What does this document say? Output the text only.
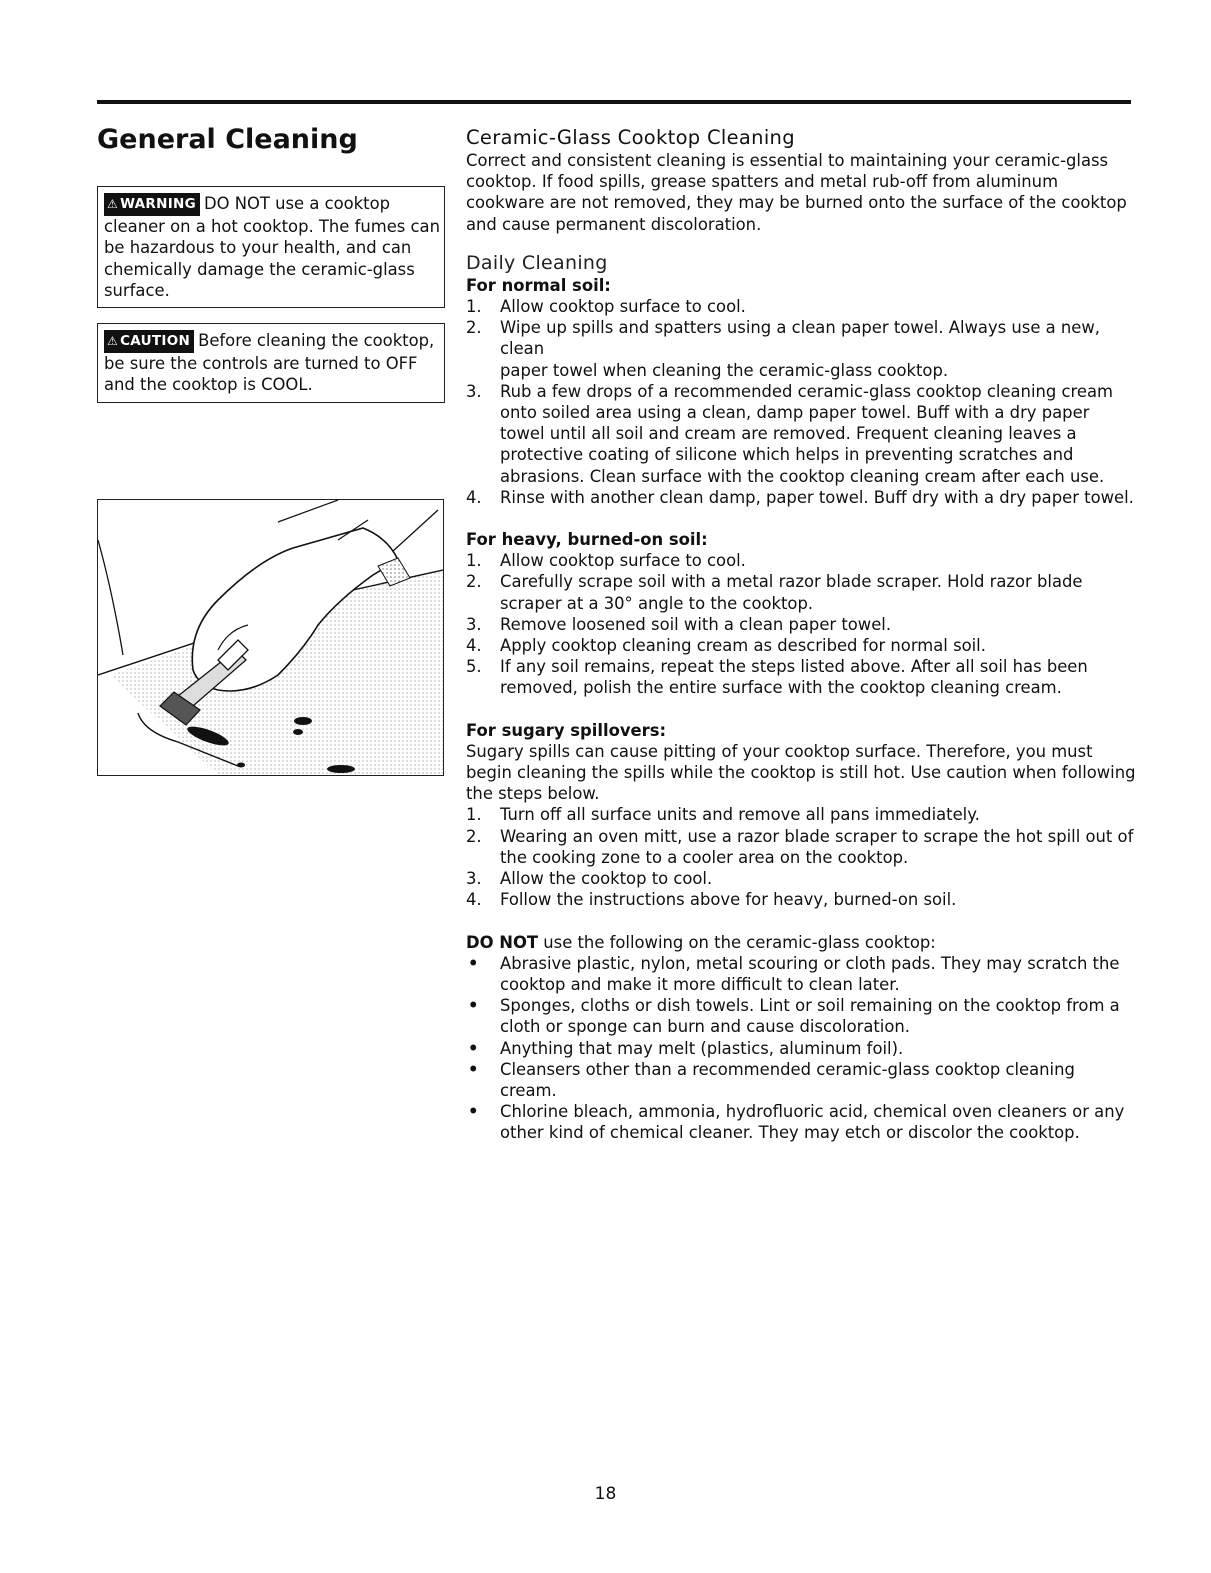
General Cleaning
⚠ WARNING DO NOT use a cooktop cleaner on a hot cooktop. The fumes can be hazardous to your health, and can chemically damage the ceramic-glass surface.
⚠ CAUTION Before cleaning the cooktop, be sure the controls are turned to OFF and the cooktop is COOL.
Ceramic-Glass Cooktop Cleaning

Correct and consistent cleaning is essential to maintaining your ceramic-glass cooktop. If food spills, grease spatters and metal rub-off from aluminum cookware are not removed, they may be burned onto the surface of the cooktop and cause permanent discoloration.

Daily Cleaning

For normal soil:

1. Allow cooktop surface to cool.
2. Wipe up spills and spatters using a clean paper towel. Always use a new, clean
paper towel when cleaning the ceramic-glass cooktop.
3. Rub a few drops of a recommended ceramic-glass cooktop cleaning cream onto soiled area using a clean, damp paper towel. Buff with a dry paper towel until all soil and cream are removed. Frequent cleaning leaves a protective coating of silicone which helps in preventing scratches and abrasions. Clean surface with the cooktop cleaning cream after each use.
4. Rinse with another clean damp, paper towel. Buff dry with a dry paper towel.

For heavy, burned-on soil:

1. Allow cooktop surface to cool.
2. Carefully scrape soil with a metal razor blade scraper. Hold razor blade scraper at a 30° angle to the cooktop.
3. Remove loosened soil with a clean paper towel.
4. Apply cooktop cleaning cream as described for normal soil.
5. If any soil remains, repeat the steps listed above. After all soil has been removed, polish the entire surface with the cooktop cleaning cream.

For sugary spillovers:

Sugary spills can cause pitting of your cooktop surface. Therefore, you must begin cleaning the spills while the cooktop is still hot. Use caution when following the steps below.

1. Turn off all surface units and remove all pans immediately.
2. Wearing an oven mitt, use a razor blade scraper to scrape the hot spill out of the cooking zone to a cooler area on the cooktop.
3. Allow the cooktop to cool.
4. Follow the instructions above for heavy, burned-on soil.

DO NOT use the following on the ceramic-glass cooktop:

• Abrasive plastic, nylon, metal scouring or cloth pads. They may scratch the cooktop and make it more difficult to clean later.
• Sponges, cloths or dish towels. Lint or soil remaining on the cooktop from a cloth or sponge can burn and cause discoloration.
• Anything that may melt (plastics, aluminum foil).
• Cleansers other than a recommended ceramic-glass cooktop cleaning cream.
• Chlorine bleach, ammonia, hydrofluoric acid, chemical oven cleaners or any other kind of chemical cleaner. They may etch or discolor the cooktop.
18
